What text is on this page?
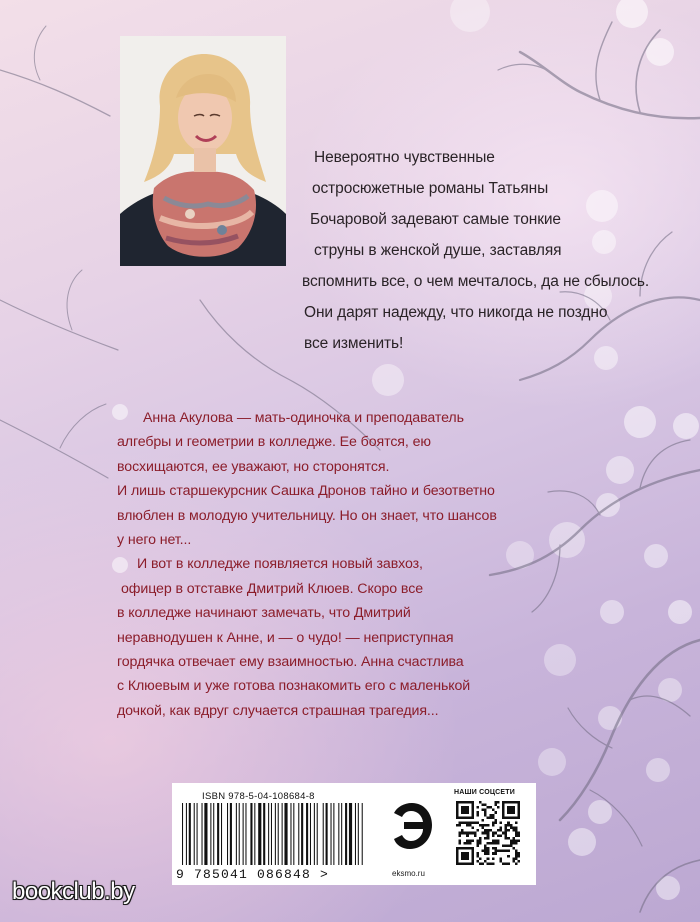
Невероятно чувственные
остросюжетные романы Татьяны
Бочаровой задевают самые тонкие
струны в женской душе, заставляя
вспомнить все, о чем мечталось, да не сбылось.
Они дарят надежду, что никогда не поздно
все изменить!
Анна Акулова — мать-одиночка и преподаватель
алгебры и геометрии в колледже. Ее боятся, ею
восхищаются, ее уважают, но сторонятся.
И лишь старшекурсник Сашка Дронов тайно и безответно
влюблен в молодую учительницу. Но он знает, что шансов
у него нет...
И вот в колледже появляется новый завхоз,
офицер в отставке Дмитрий Клюев. Скоро все
в колледже начинают замечать, что Дмитрий
неравнодушен к Анне, и — о чудо! — неприступная
гордячка отвечает ему взаимностью. Анна счастлива
с Клюевым и уже готова познакомить его с маленькой
дочкой, как вдруг случается страшная трагедия...
ISBN 978-5-04-108684-8
9 785041 086848 >	eksmo.ru
НАШИ СОЦСЕТИ
bookclub.by
